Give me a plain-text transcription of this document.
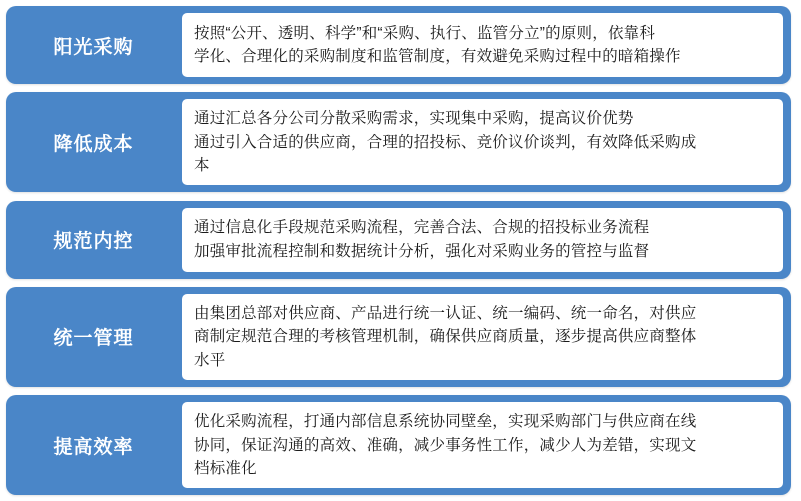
阳光采购
按照“公开、透明、科学”和“采购、执行、监管分立”的原则，依靠科
学化、合理化的采购制度和监管制度，有效避免采购过程中的暗箱操作
降低成本
通过汇总各分公司分散采购需求，实现集中采购，提高议价优势
通过引入合适的供应商，合理的招投标、竞价议价谈判，有效降低采购成
本
规范内控
通过信息化手段规范采购流程，完善合法、合规的招投标业务流程
加强审批流程控制和数据统计分析，强化对采购业务的管控与监督
统一管理
由集团总部对供应商、产品进行统一认证、统一编码、统一命名，对供应
商制定规范合理的考核管理机制，确保供应商质量，逐步提高供应商整体
水平
提高效率
优化采购流程，打通内部信息系统协同壁垒，实现采购部门与供应商在线
协同，保证沟通的高效、准确，减少事务性工作，减少人为差错，实现文
档标准化
